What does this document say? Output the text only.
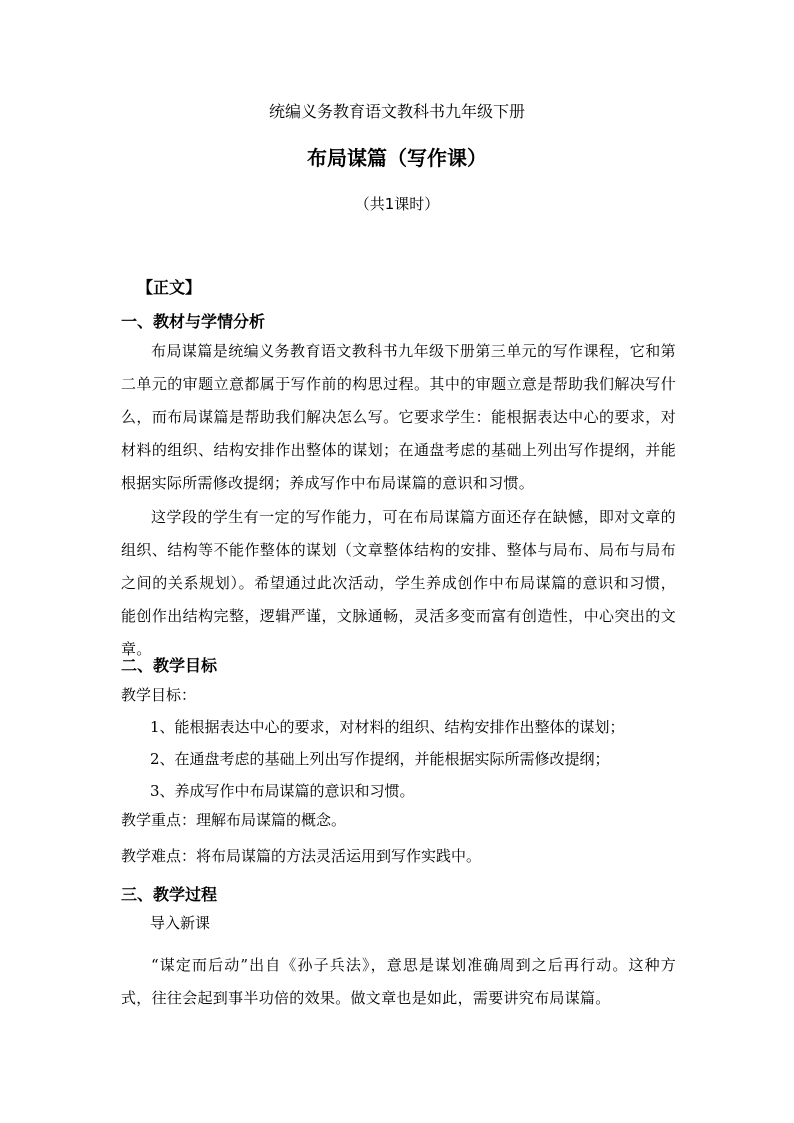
统编义务教育语文教科书九年级下册
布局谋篇（写作课）
（共1课时）
【正文】
一、教材与学情分析
布局谋篇是统编义务教育语文教科书九年级下册第三单元的写作课程，它和第二单元的审题立意都属于写作前的构思过程。其中的审题立意是帮助我们解决写什么，而布局谋篇是帮助我们解决怎么写。它要求学生：能根据表达中心的要求，对材料的组织、结构安排作出整体的谋划；在通盘考虑的基础上列出写作提纲，并能根据实际所需修改提纲；养成写作中布局谋篇的意识和习惯。
这学段的学生有一定的写作能力，可在布局谋篇方面还存在缺憾，即对文章的组织、结构等不能作整体的谋划（文章整体结构的安排、整体与局布、局布与局布之间的关系规划）。希望通过此次活动，学生养成创作中布局谋篇的意识和习惯，能创作出结构完整，逻辑严谨，文脉通畅，灵活多变而富有创造性，中心突出的文章。
二、教学目标
教学目标：
1、能根据表达中心的要求，对材料的组织、结构安排作出整体的谋划；
2、在通盘考虑的基础上列出写作提纲，并能根据实际所需修改提纲；
3、养成写作中布局谋篇的意识和习惯。
教学重点：理解布局谋篇的概念。
教学难点：将布局谋篇的方法灵活运用到写作实践中。
三、教学过程
导入新课
“谋定而后动”出自《孙子兵法》，意思是谋划准确周到之后再行动。这种方式，往往会起到事半功倍的效果。做文章也是如此，需要讲究布局谋篇。
